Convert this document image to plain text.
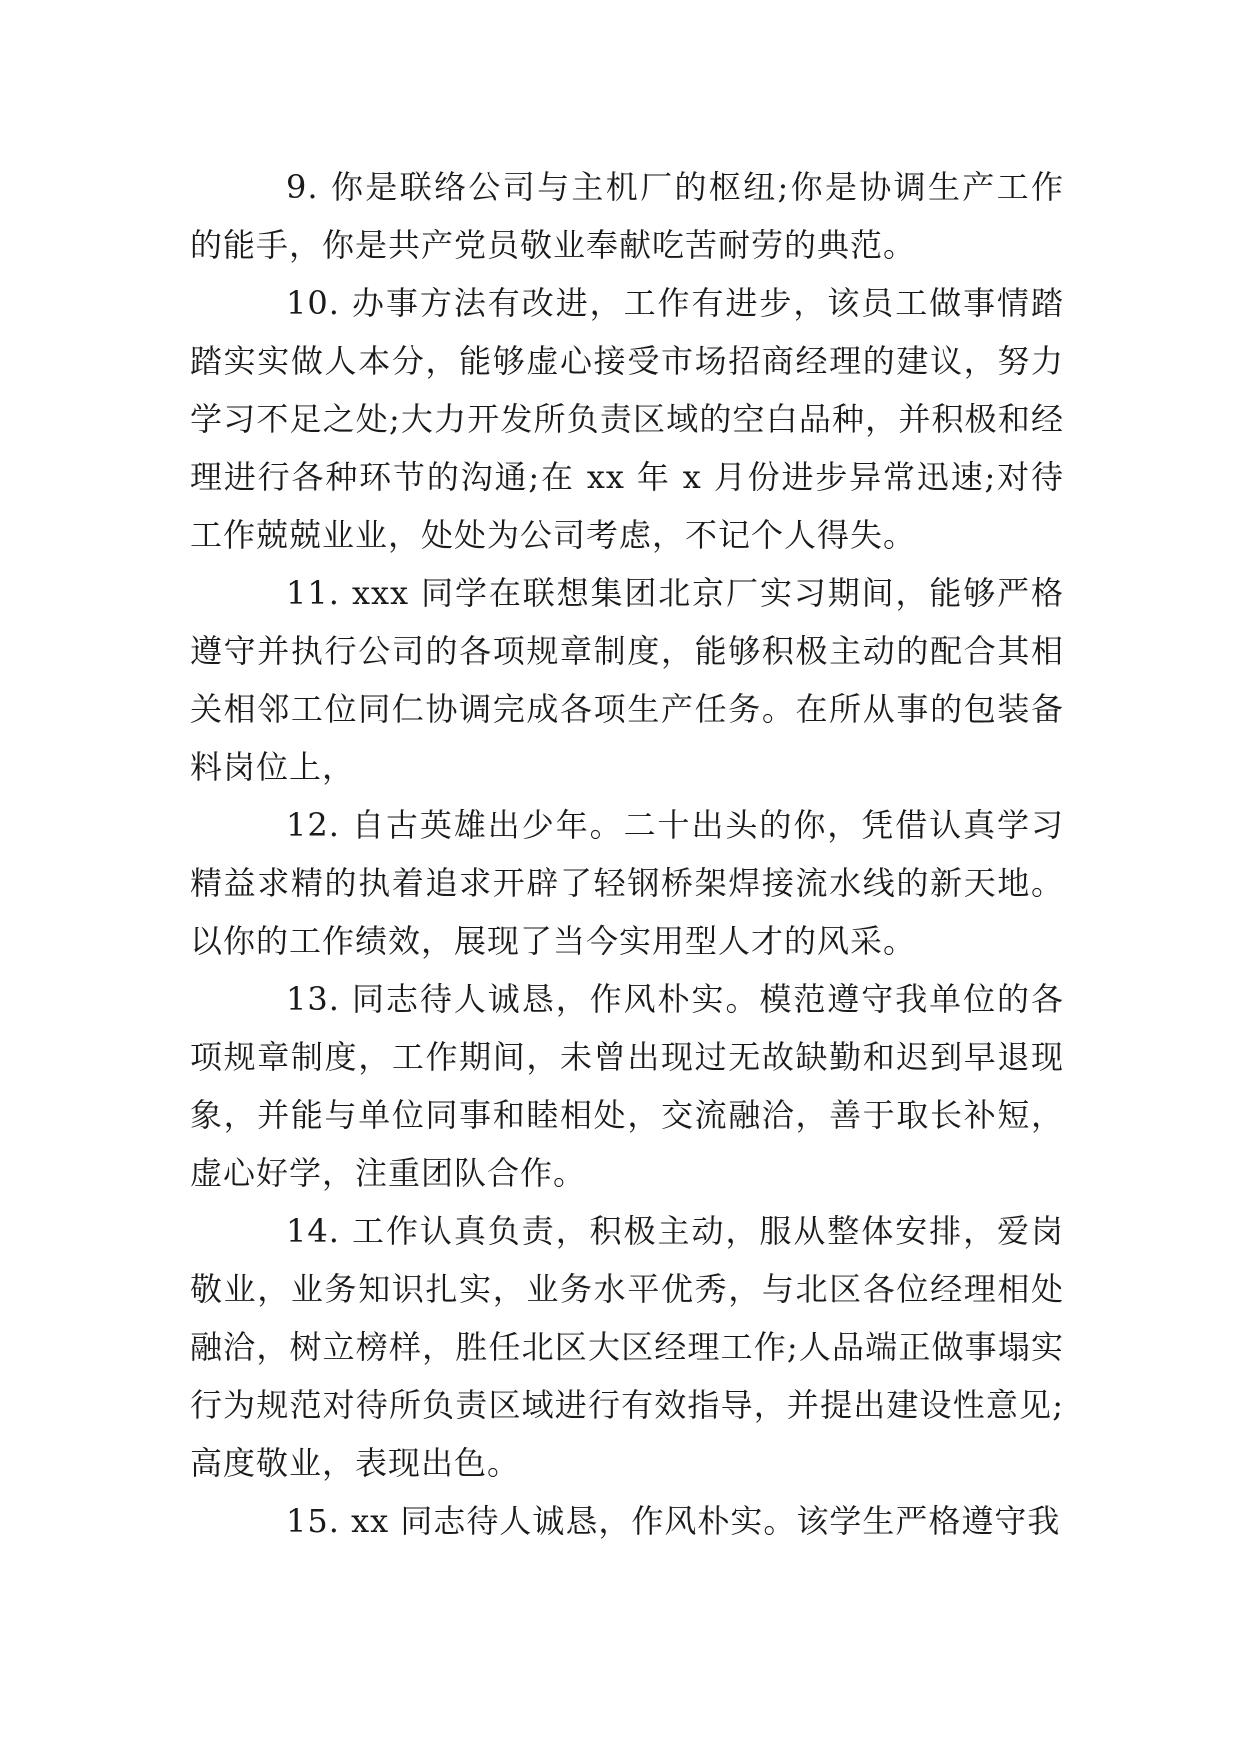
9. 你是联络公司与主机厂的枢纽;你是协调生产工作的能手，你是共产党员敬业奉献吃苦耐劳的典范。

10. 办事方法有改进，工作有进步，该员工做事情踏踏实实做人本分，能够虚心接受市场招商经理的建议，努力学习不足之处;大力开发所负责区域的空白品种，并积极和经理进行各种环节的沟通;在 xx 年 x 月份进步异常迅速;对待工作兢兢业业，处处为公司考虑，不记个人得失。

11. xxx 同学在联想集团北京厂实习期间，能够严格遵守并执行公司的各项规章制度，能够积极主动的配合其相关相邻工位同仁协调完成各项生产任务。在所从事的包装备料岗位上，

12. 自古英雄出少年。二十出头的你，凭借认真学习精益求精的执着追求开辟了轻钢桥架焊接流水线的新天地。以你的工作绩效，展现了当今实用型人才的风采。

13. 同志待人诚恳，作风朴实。模范遵守我单位的各项规章制度，工作期间，未曾出现过无故缺勤和迟到早退现象，并能与单位同事和睦相处，交流融洽，善于取长补短，虚心好学，注重团队合作。

14. 工作认真负责，积极主动，服从整体安排，爱岗敬业，业务知识扎实，业务水平优秀，与北区各位经理相处融洽，树立榜样，胜任北区大区经理工作;人品端正做事塌实行为规范对待所负责区域进行有效指导，并提出建设性意见;高度敬业，表现出色。

15. xx 同志待人诚恳，作风朴实。该学生严格遵守我
